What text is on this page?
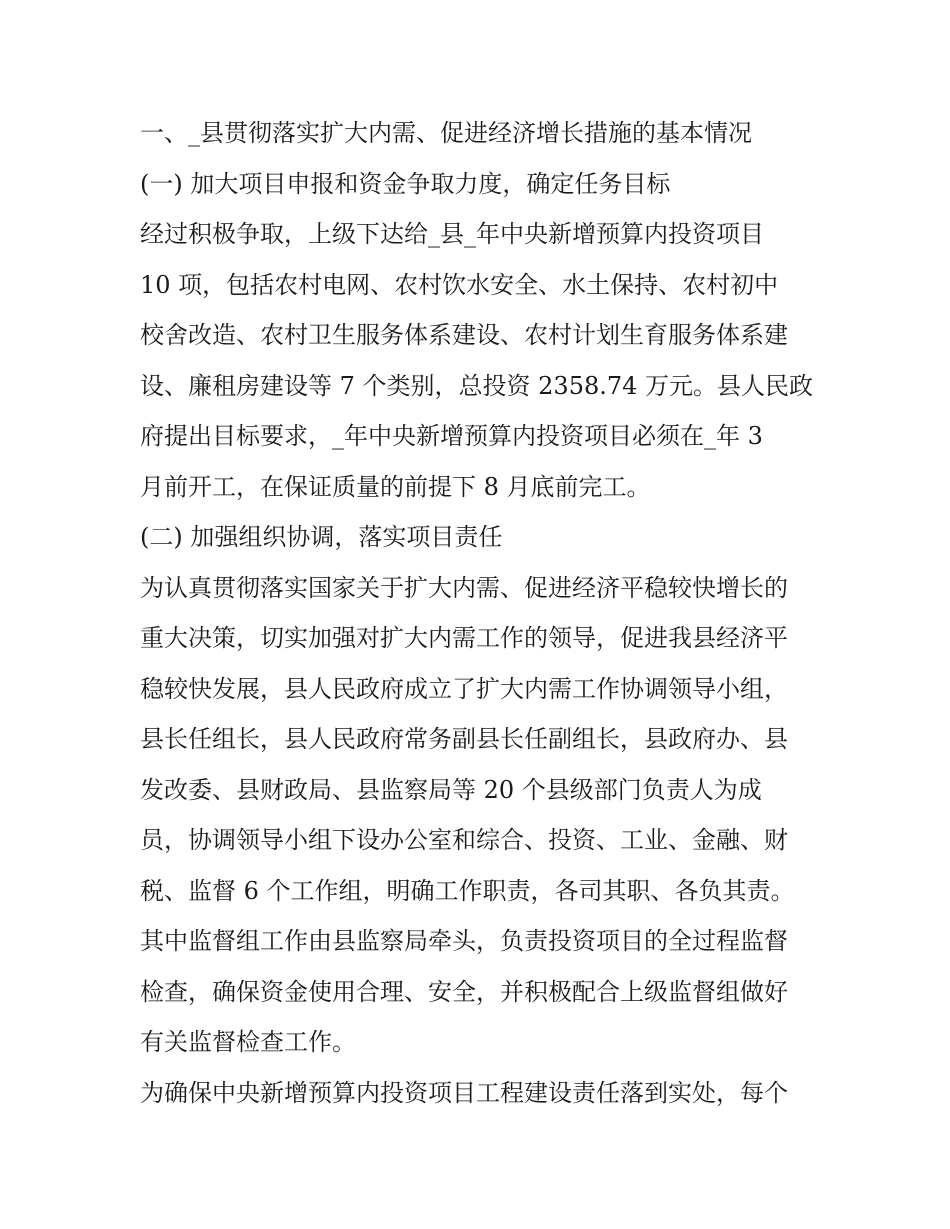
一、_县贯彻落实扩大内需、促进经济增长措施的基本情况
(一) 加大项目申报和资金争取力度，确定任务目标
经过积极争取，上级下达给_县_年中央新增预算内投资项目
10 项，包括农村电网、农村饮水安全、水土保持、农村初中
校舍改造、农村卫生服务体系建设、农村计划生育服务体系建
设、廉租房建设等 7 个类别，总投资 2358.74 万元。县人民政
府提出目标要求，_年中央新增预算内投资项目必须在_年 3
月前开工，在保证质量的前提下 8 月底前完工。
(二) 加强组织协调，落实项目责任
为认真贯彻落实国家关于扩大内需、促进经济平稳较快增长的
重大决策，切实加强对扩大内需工作的领导，促进我县经济平
稳较快发展，县人民政府成立了扩大内需工作协调领导小组，
县长任组长，县人民政府常务副县长任副组长，县政府办、县
发改委、县财政局、县监察局等 20 个县级部门负责人为成
员，协调领导小组下设办公室和综合、投资、工业、金融、财
税、监督 6 个工作组，明确工作职责，各司其职、各负其责。
其中监督组工作由县监察局牵头，负责投资项目的全过程监督
检查，确保资金使用合理、安全，并积极配合上级监督组做好
有关监督检查工作。
为确保中央新增预算内投资项目工程建设责任落到实处，每个
